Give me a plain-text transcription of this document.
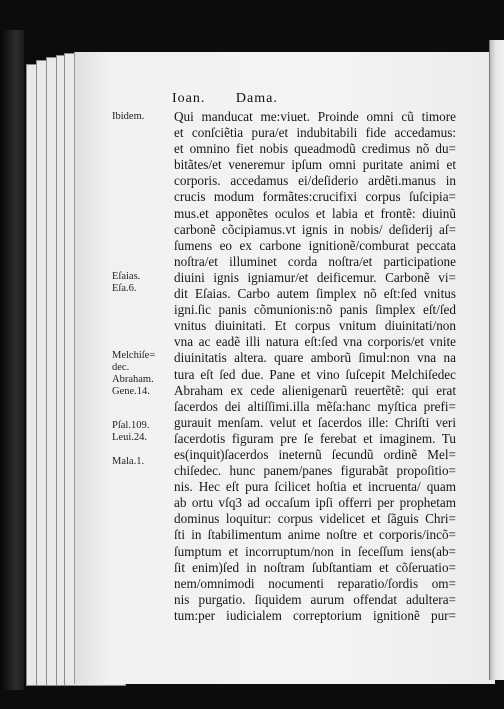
Ioan. Dama.
Qui manducat me:viuet. Proinde omni cũ timore
et conſciẽtia pura/et indubitabili fide accedamus:
et omnino fiet nobis queadmodũ credimus nõ du=
bitãtes/et veneremur ipſum omni puritate animi et
corporis. accedamus ei/deſiderio ardẽti.manus in
crucis modum formãtes:crucifixi corpus ſuſcipia=
mus.et apponẽtes oculos et labia et frontẽ: diuinũ
carbonẽ cõcipiamus.vt ignis in nobis/ deſiderij aſ=
ſumens eo ex carbone ignitionẽ/comburat peccata
noſtra/et illuminet corda noſtra/et participatione
diuini ignis igniamur/et deificemur. Carbonẽ vi=
dit Eſaias. Carbo autem ſimplex nõ eſt:ſed vnitus
igni.ſic panis cõmunionis:nõ panis ſimplex eſt/ſed
vnitus diuinitati. Et corpus vnitum diuinitati/non
vna ac eadẽ illi natura eſt:ſed vna corporis/et vnite
diuinitatis altera. quare amborũ ſimul:non vna na
tura eſt ſed due. Pane et vino ſuſcepit Melchiſedec
Abraham ex cede alienigenarũ reuertẽtẽ: qui erat
ſacerdos dei altiſſimi.illa mẽſa:hanc myſtica prefi=
gurauit menſam. velut et ſacerdos ille: Chriſti veri
ſacerdotis figuram pre ſe ferebat et imaginem. Tu
es(inquit)ſacerdos ineternũ ſecundũ ordinẽ Mel=
chiſedec. hunc panem/panes figurabãt propoſitio=
nis. Hec eſt pura ſcilicet hoſtia et incruenta/ quam
ab ortu vſq3 ad occaſum ipſi offerri per prophetam
dominus loquitur: corpus videlicet et ſãguis Chri=
ſti in ſtabilimentum anime noſtre et corporis/incõ=
ſumptum et incorruptum/non in ſeceſſum iens(ab=
ſit enim)ſed in noſtram ſubſtantiam et cõſeruatio=
nem/omnimodi nocumenti reparatio/ſordis om=
nis purgatio. ſiquidem aurum offendat adultera=
tum:per iudicialem correptorium ignitionẽ pur=
Ibidem.
Eſaias.
Eſa.6.
Melchiſe=
dec.
Abraham.
Gene.14.
Pſal.109.
Leui.24.
Mala.1.
